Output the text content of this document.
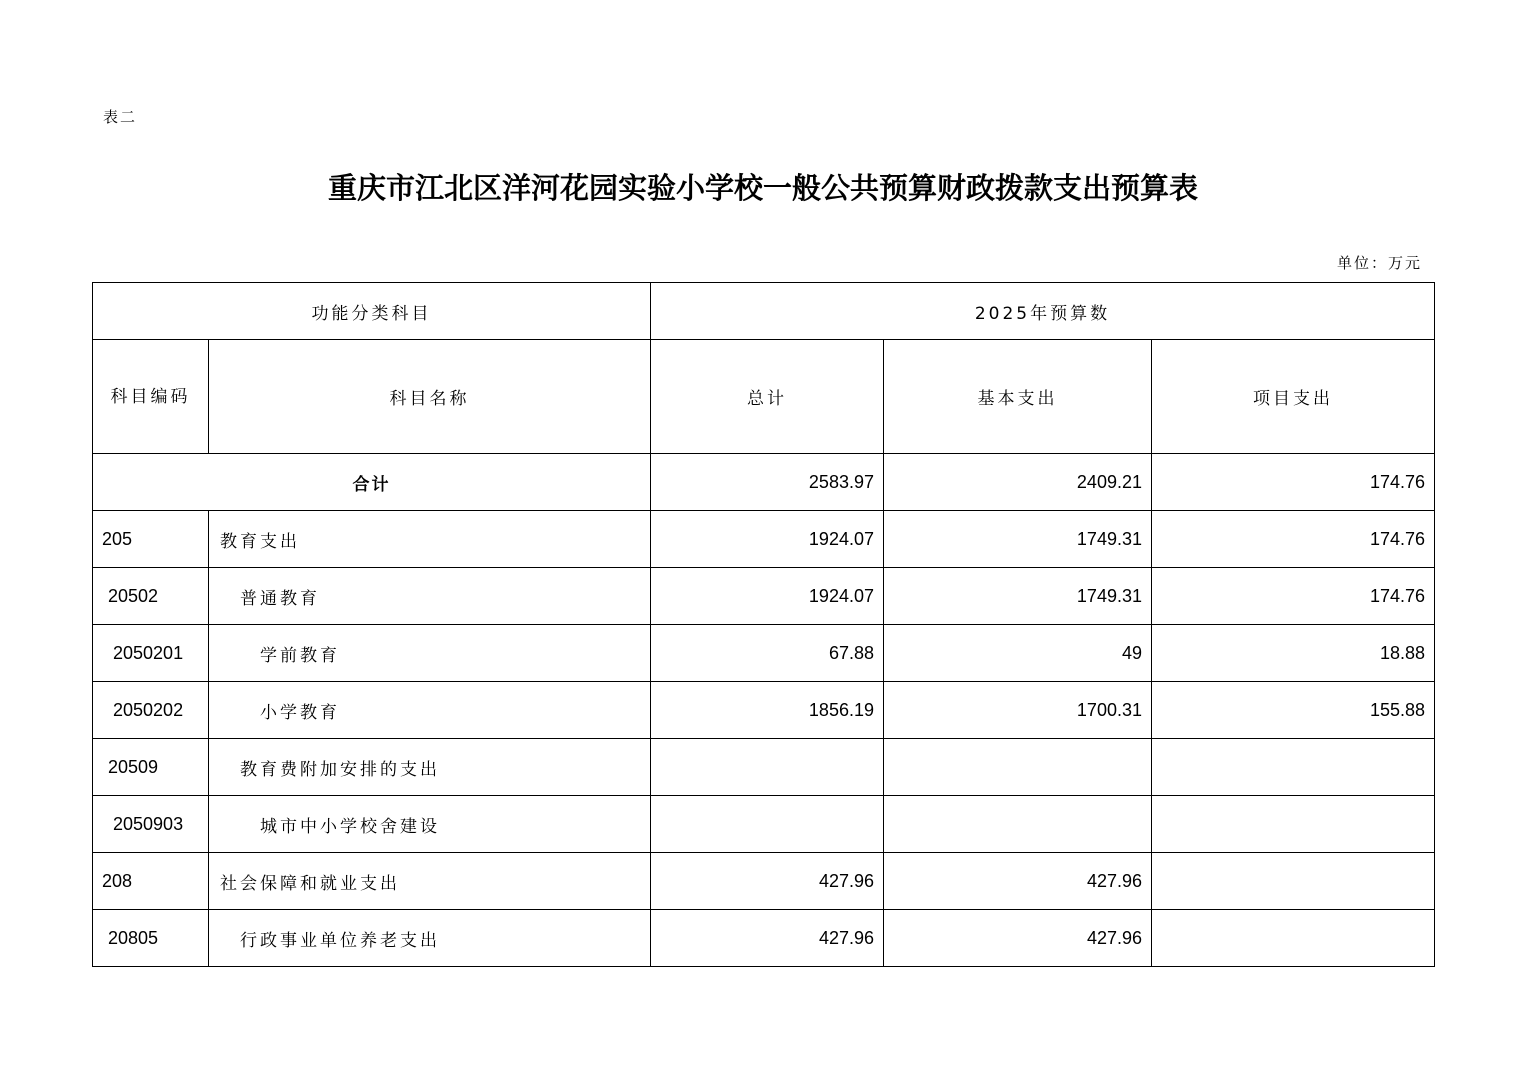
表二
重庆市江北区洋河花园实验小学校一般公共预算财政拨款支出预算表
单位：万元
功能分类科目		2025年预算数		
科目编码	科目名称	总计	基本支出	项目支出
合计		2583.97	2409.21	174.76
205	教育支出	1924.07	1749.31	174.76
20502	普通教育	1924.07	1749.31	174.76
2050201	学前教育	67.88	49	18.88
2050202	小学教育	1856.19	1700.31	155.88
20509	教育费附加安排的支出			
2050903	城市中小学校舍建设			
208	社会保障和就业支出	427.96	427.96	
20805	行政事业单位养老支出	427.96	427.96	
